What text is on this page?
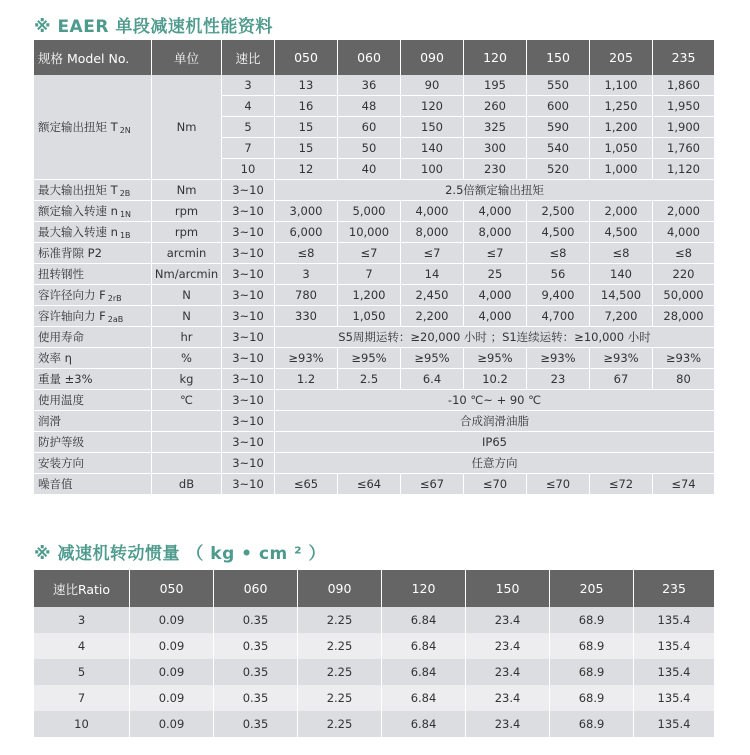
※ EAER 单段减速机性能资料
规格 Model No.	单位	速比	050	060	090	120	150	205	235
额定输出扭矩 T $_{2N}$	Nm	3	13	36	90	195	550	1,100	1,860
		4	16	48	120	260	600	1,250	1,950
		5	15	60	150	325	590	1,200	1,900
		7	15	50	140	300	540	1,050	1,760
		10	12	40	100	230	520	1,000	1,120
最大输出扭矩 T $_{2B}$	Nm	3~10	2.5倍额定输出扭矩						
额定输入转速 n $_{1N}$	rpm	3~10	3,000	5,000	4,000	4,000	2,500	2,000	2,000
最大输入转速 n $_{1B}$	rpm	3~10	6,000	10,000	8,000	8,000	4,500	4,500	4,000
标准背隙 P2	arcmin	3~10	≤8	≤7	≤7	≤7	≤8	≤8	≤8
扭转钢性	Nm/arcmin	3~10	3	7	14	25	56	140	220
容许径向力 F $_{2rB}$	N	3~10	780	1,200	2,450	4,000	9,400	14,500	50,000
容许轴向力 F $_{2aB}$	N	3~10	330	1,050	2,200	4,000	4,700	7,200	28,000
使用寿命	hr	3~10	S5周期运转：≥20,000 小时 ；S1连续运转：≥10,000 小时						
效率 η	%	3~10	≥93%	≥95%	≥95%	≥95%	≥93%	≥93%	≥93%
重量 ±3%	kg	3~10	1.2	2.5	6.4	10.2	23	67	80
使用温度	℃	3~10	-10 ℃~ + 90 ℃						
润滑		3~10	合成润滑油脂						
防护等级		3~10	IP65						
安装方向		3~10	任意方向						
噪音值	dB	3~10	≤65	≤64	≤67	≤70	≤70	≤72	≤74
※ 减速机转动惯量 （ kg • cm ² ）
速比Ratio	050	060	090	120	150	205	235
3	0.09	0.35	2.25	6.84	23.4	68.9	135.4
4	0.09	0.35	2.25	6.84	23.4	68.9	135.4
5	0.09	0.35	2.25	6.84	23.4	68.9	135.4
7	0.09	0.35	2.25	6.84	23.4	68.9	135.4
10	0.09	0.35	2.25	6.84	23.4	68.9	135.4
